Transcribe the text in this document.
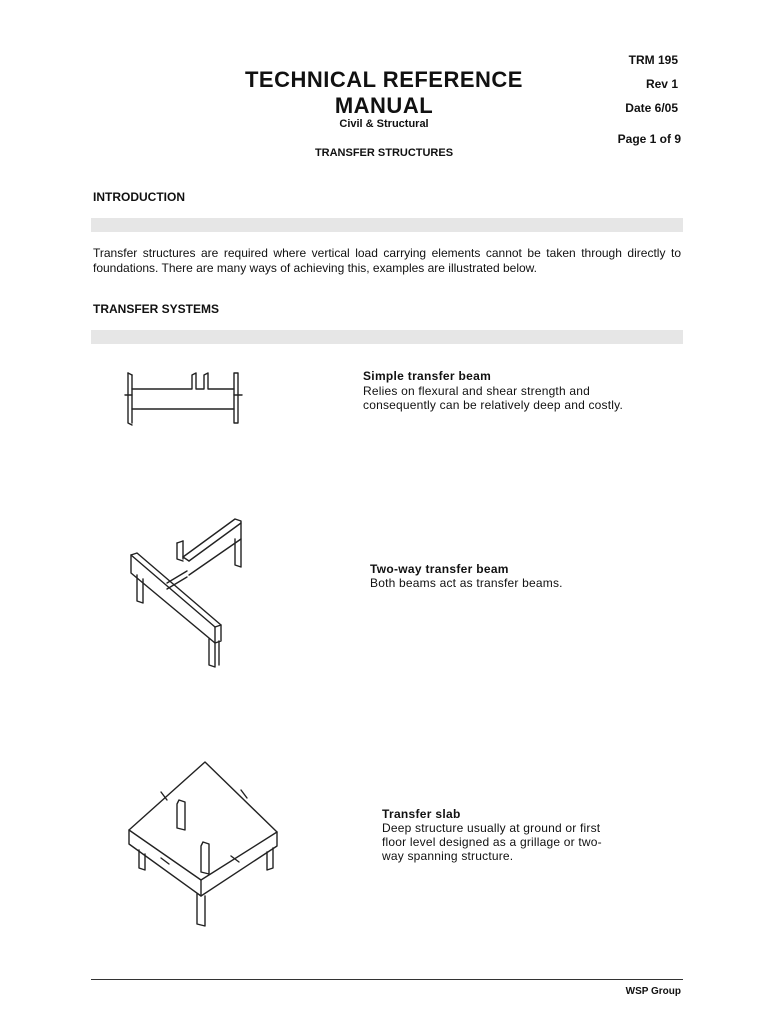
TECHNICAL REFERENCE
MANUAL
Civil & Structural
TRANSFER STRUCTURES
TRM 195
Rev 1
Date 6/05
Page 1 of 9
INTRODUCTION
Transfer structures are required where vertical load carrying elements cannot be taken through directly to foundations. There are many ways of achieving this, examples are illustrated below.
TRANSFER SYSTEMS
Simple transfer beam
Relies on flexural and shear strength and
consequently can be relatively deep and costly.
Two-way transfer beam
Both beams act as transfer beams.
Transfer slab
Deep structure usually at ground or first
floor level designed as a grillage or two-
way spanning structure.
WSP Group
